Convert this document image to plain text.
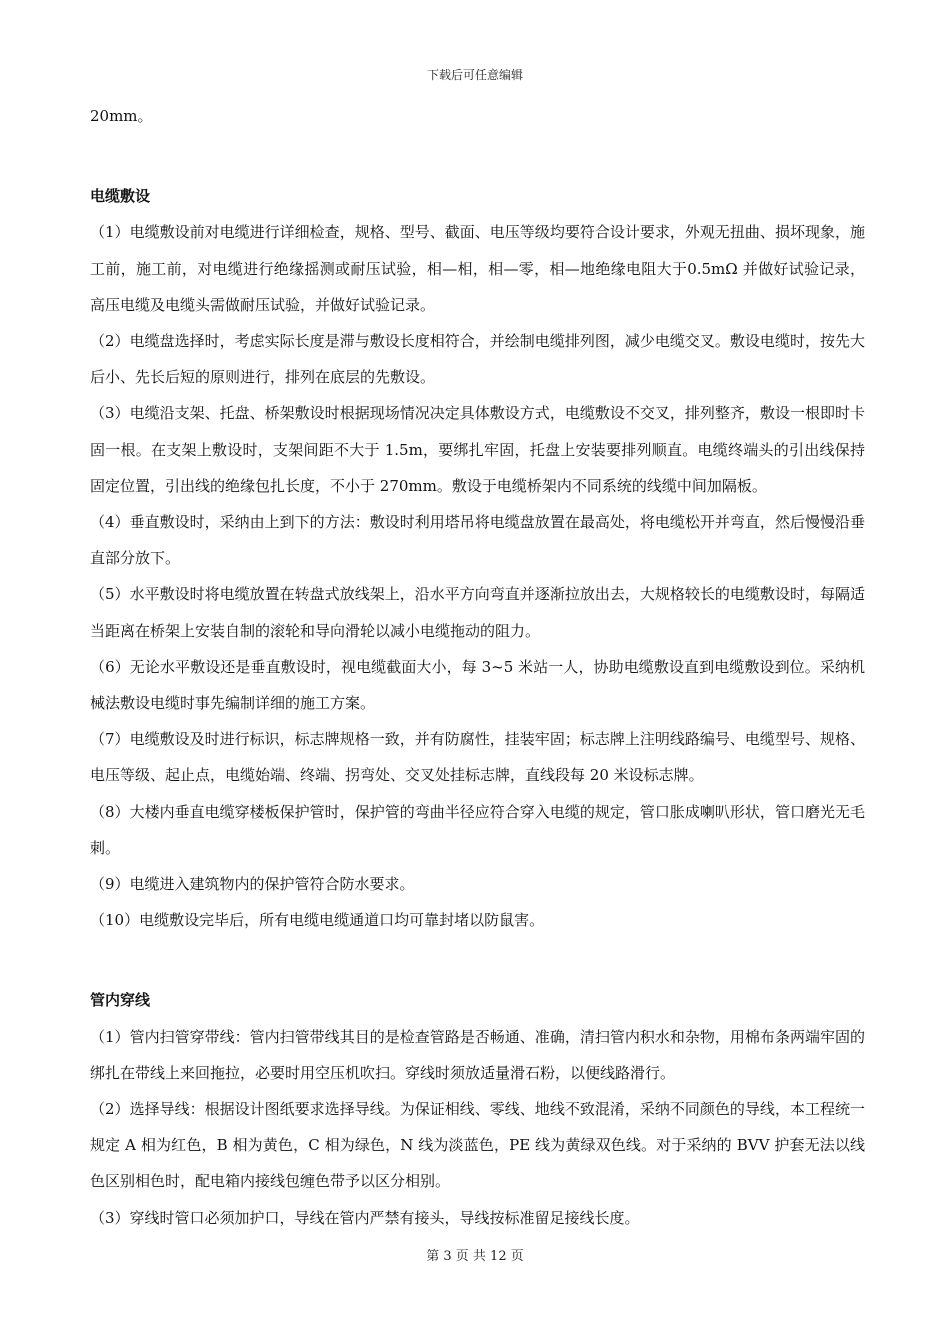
下载后可任意编辑

20mm。

电缆敷设

（1）电缆敷设前对电缆进行详细检查，规格、型号、截面、电压等级均要符合设计要求，外观无扭曲、损坏现象，施工前，施工前，对电缆进行绝缘摇测或耐压试验，相—相，相—零，相—地绝缘电阻大于0.5mΩ 并做好试验记录，高压电缆及电缆头需做耐压试验，并做好试验记录。

（2）电缆盘选择时，考虑实际长度是滞与敷设长度相符合，并绘制电缆排列图，减少电缆交叉。敷设电缆时，按先大后小、先长后短的原则进行，排列在底层的先敷设。

（3）电缆沿支架、托盘、桥架敷设时根据现场情况决定具体敷设方式，电缆敷设不交叉，排列整齐，敷设一根即时卡固一根。在支架上敷设时，支架间距不大于 1.5m，要绑扎牢固，托盘上安装要排列顺直。电缆终端头的引出线保持固定位置，引出线的绝缘包扎长度，不小于 270mm。敷设于电缆桥架内不同系统的线缆中间加隔板。

（4）垂直敷设时，采纳由上到下的方法：敷设时利用塔吊将电缆盘放置在最高处，将电缆松开并弯直，然后慢慢沿垂直部分放下。

（5）水平敷设时将电缆放置在转盘式放线架上，沿水平方向弯直并逐渐拉放出去，大规格较长的电缆敷设时，每隔适当距离在桥架上安装自制的滚轮和导向滑轮以减小电缆拖动的阻力。

（6）无论水平敷设还是垂直敷设时，视电缆截面大小，每 3~5 米站一人，协助电缆敷设直到电缆敷设到位。采纳机械法敷设电缆时事先编制详细的施工方案。

（7）电缆敷设及时进行标识，标志牌规格一致，并有防腐性，挂装牢固；标志牌上注明线路编号、电缆型号、规格、电压等级、起止点，电缆始端、终端、拐弯处、交叉处挂标志牌，直线段每 20 米设标志牌。

（8）大楼内垂直电缆穿楼板保护管时，保护管的弯曲半径应符合穿入电缆的规定，管口胀成喇叭形状，管口磨光无毛刺。

（9）电缆进入建筑物内的保护管符合防水要求。

（10）电缆敷设完毕后，所有电缆电缆通道口均可靠封堵以防鼠害。

管内穿线

（1）管内扫管穿带线：管内扫管带线其目的是检查管路是否畅通、准确，清扫管内积水和杂物，用棉布条两端牢固的绑扎在带线上来回拖拉，必要时用空压机吹扫。穿线时须放适量滑石粉，以便线路滑行。

（2）选择导线：根据设计图纸要求选择导线。为保证相线、零线、地线不致混淆，采纳不同颜色的导线，本工程统一规定 A 相为红色，B 相为黄色，C 相为绿色，N 线为淡蓝色，PE 线为黄绿双色线。对于采纳的 BVV 护套无法以线色区别相色时，配电箱内接线包缠色带予以区分相别。

（3）穿线时管口必须加护口，导线在管内严禁有接头，导线按标准留足接线长度。

第 3 页 共 12 页
